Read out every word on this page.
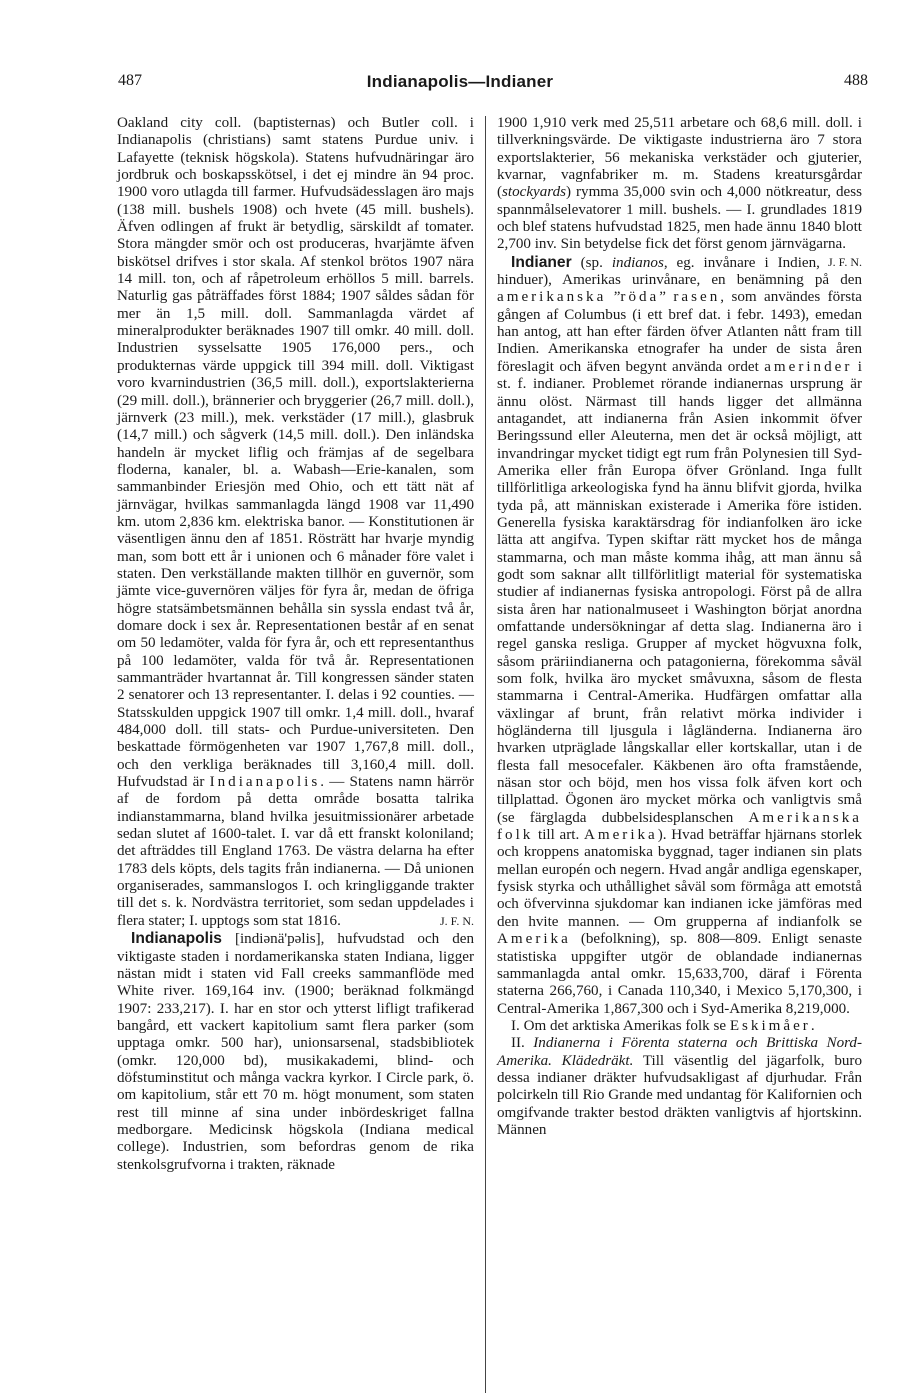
487	Indianapolis—Indianer	488

Oakland city coll. (baptisternas) och Butler coll. i Indianapolis (christians) samt statens Purdue univ. i Lafayette (teknisk högskola). Statens hufvudnäringar äro jordbruk och boskapsskötsel, i det ej mindre än 94 proc. 1900 voro utlagda till farmer. Hufvudsädesslagen äro majs (138 mill. bushels 1908) och hvete (45 mill. bushels). Äfven odlingen af frukt är betydlig, särskildt af tomater. Stora mängder smör och ost produceras, hvarjämte äfven biskötsel drifves i stor skala. Af stenkol brötos 1907 nära 14 mill. ton, och af råpetroleum erhöllos 5 mill. barrels. Naturlig gas påträffades först 1884; 1907 såldes sådan för mer än 1,5 mill. doll. Sammanlagda värdet af mineralprodukter beräknades 1907 till omkr. 40 mill. doll. Industrien sysselsatte 1905 176,000 pers., och produkternas värde uppgick till 394 mill. doll. Viktigast voro kvarnindustrien (36,5 mill. doll.), exportslakterierna (29 mill. doll.), brännerier och bryggerier (26,7 mill. doll.), järnverk (23 mill.), mek. verkstäder (17 mill.), glasbruk (14,7 mill.) och sågverk (14,5 mill. doll.). Den inländska handeln är mycket liflig och främjas af de segelbara floderna, kanaler, bl. a. Wabash—Erie-kanalen, som sammanbinder Eriesjön med Ohio, och ett tätt nät af järnvägar, hvilkas sammanlagda längd 1908 var 11,490 km. utom 2,836 km. elektriska banor. — Konstitutionen är väsentligen ännu den af 1851. Rösträtt har hvarje myndig man, som bott ett år i unionen och 6 månader före valet i staten. Den verkställande makten tillhör en guvernör, som jämte vice-guvernören väljes för fyra år, medan de öfriga högre statsämbetsmännen behålla sin syssla endast två år, domare dock i sex år. Representationen består af en senat om 50 ledamöter, valda för fyra år, och ett representanthus på 100 ledamöter, valda för två år. Representationen sammanträder hvartannat år. Till kongressen sänder staten 2 senatorer och 13 representanter. I. delas i 92 counties. — Statsskulden uppgick 1907 till omkr. 1,4 mill. doll., hvaraf 484,000 doll. till stats- och Purdue-universiteten. Den beskattade förmögenheten var 1907 1,767,8 mill. doll., och den verkliga beräknades till 3,160,4 mill. doll. Hufvudstad är Indianapolis. — Statens namn härrör af de fordom på detta område bosatta talrika indianstammarna, bland hvilka jesuitmissionärer arbetade sedan slutet af 1600-talet. I. var då ett franskt koloniland; det afträddes till England 1763. De västra delarna ha efter 1783 dels köpts, dels tagits från indianerna. — Då unionen organiserades, sammanslogos I. och kringliggande trakter till det s. k. Nordvästra territoriet, som sedan uppdelades i flera stater; I. upptogs som stat 1816.	J. F. N.

Indianapolis [indiənä'pəlis], hufvudstad och den viktigaste staden i nordamerikanska staten Indiana, ligger nästan midt i staten vid Fall creeks sammanflöde med White river. 169,164 inv. (1900; beräknad folkmängd 1907: 233,217). I. har en stor och ytterst lifligt trafikerad bangård, ett vackert kapitolium samt flera parker (som upptaga omkr. 500 har), unionsarsenal, stadsbibliotek (omkr. 120,000 bd), musikakademi, blind- och döfstuminstitut och många vackra kyrkor. I Circle park, ö. om kapitolium, står ett 70 m. högt monument, som staten rest till minne af sina under inbördeskriget fallna medborgare. Medicinsk högskola (Indiana medical college). Industrien, som befordras genom de rika stenkolsgrufvorna i trakten, räknade

1900 1,910 verk med 25,511 arbetare och 68,6 mill. doll. i tillverkningsvärde. De viktigaste industrierna äro 7 stora exportslakterier, 56 mekaniska verkstäder och gjuterier, kvarnar, vagnfabriker m. m. Stadens kreatursgårdar (stockyards) rymma 35,000 svin och 4,000 nötkreatur, dess spannmålselevatorer 1 mill. bushels. — I. grundlades 1819 och blef statens hufvudstad 1825, men hade ännu 1840 blott 2,700 inv. Sin betydelse fick det först genom järnvägarna.
J. F. N.

Indianer (sp. indianos, eg. invånare i Indien, hinduer), Amerikas urinvånare, en benämning på den amerikanska ”röda” rasen, som användes första gången af Columbus (i ett bref dat. i febr. 1493), emedan han antog, att han efter färden öfver Atlanten nått fram till Indien. Amerikanska etnografer ha under de sista åren föreslagit och äfven begynt använda ordet amerinder i st. f. indianer. Problemet rörande indianernas ursprung är ännu olöst. Närmast till hands ligger det allmänna antagandet, att indianerna från Asien inkommit öfver Beringssund eller Aleuterna, men det är också möjligt, att invandringar mycket tidigt egt rum från Polynesien till Syd-Amerika eller från Europa öfver Grönland. Inga fullt tillförlitliga arkeologiska fynd ha ännu blifvit gjorda, hvilka tyda på, att människan existerade i Amerika före istiden. Generella fysiska karaktärsdrag för indianfolken äro icke lätta att angifva. Typen skiftar rätt mycket hos de många stammarna, och man måste komma ihåg, att man ännu så godt som saknar allt tillförlitligt material för systematiska studier af indianernas fysiska antropologi. Först på de allra sista åren har nationalmuseet i Washington börjat anordna omfattande undersökningar af detta slag. Indianerna äro i regel ganska resliga. Grupper af mycket högvuxna folk, såsom präriindianerna och patagonierna, förekomma såväl som folk, hvilka äro mycket småvuxna, såsom de flesta stammarna i Central-Amerika. Hudfärgen omfattar alla växlingar af brunt, från relativt mörka individer i högländerna till ljusgula i lågländerna. Indianerna äro hvarken utpräglade långskallar eller kortskallar, utan i de flesta fall mesocefaler. Käkbenen äro ofta framstående, näsan stor och böjd, men hos vissa folk äfven kort och tillplattad. Ögonen äro mycket mörka och vanligtvis små (se färglagda dubbelsidesplanschen Amerikanska folk till art. Amerika). Hvad beträffar hjärnans storlek och kroppens anatomiska byggnad, tager indianen sin plats mellan europén och negern. Hvad angår andliga egenskaper, fysisk styrka och uthållighet såväl som förmåga att emotstå och öfvervinna sjukdomar kan indianen icke jämföras med den hvite mannen. — Om grupperna af indianfolk se Amerika (befolkning), sp. 808—809. Enligt senaste statistiska uppgifter utgör de oblandade indianernas sammanlagda antal omkr. 15,633,700, däraf i Förenta staterna 266,760, i Canada 110,340, i Mexico 5,170,300, i Central-Amerika 1,867,300 och i Syd-Amerika 8,219,000.

I. Om det arktiska Amerikas folk se Eskimåer.

II. Indianerna i Förenta staterna och Brittiska Nord-Amerika. Klädedräkt. Till väsentlig del jägarfolk, buro dessa indianer dräkter hufvudsakligast af djurhudar. Från polcirkeln till Rio Grande med undantag för Kalifornien och omgifvande trakter bestod dräkten vanligtvis af hjortskinn. Männen
